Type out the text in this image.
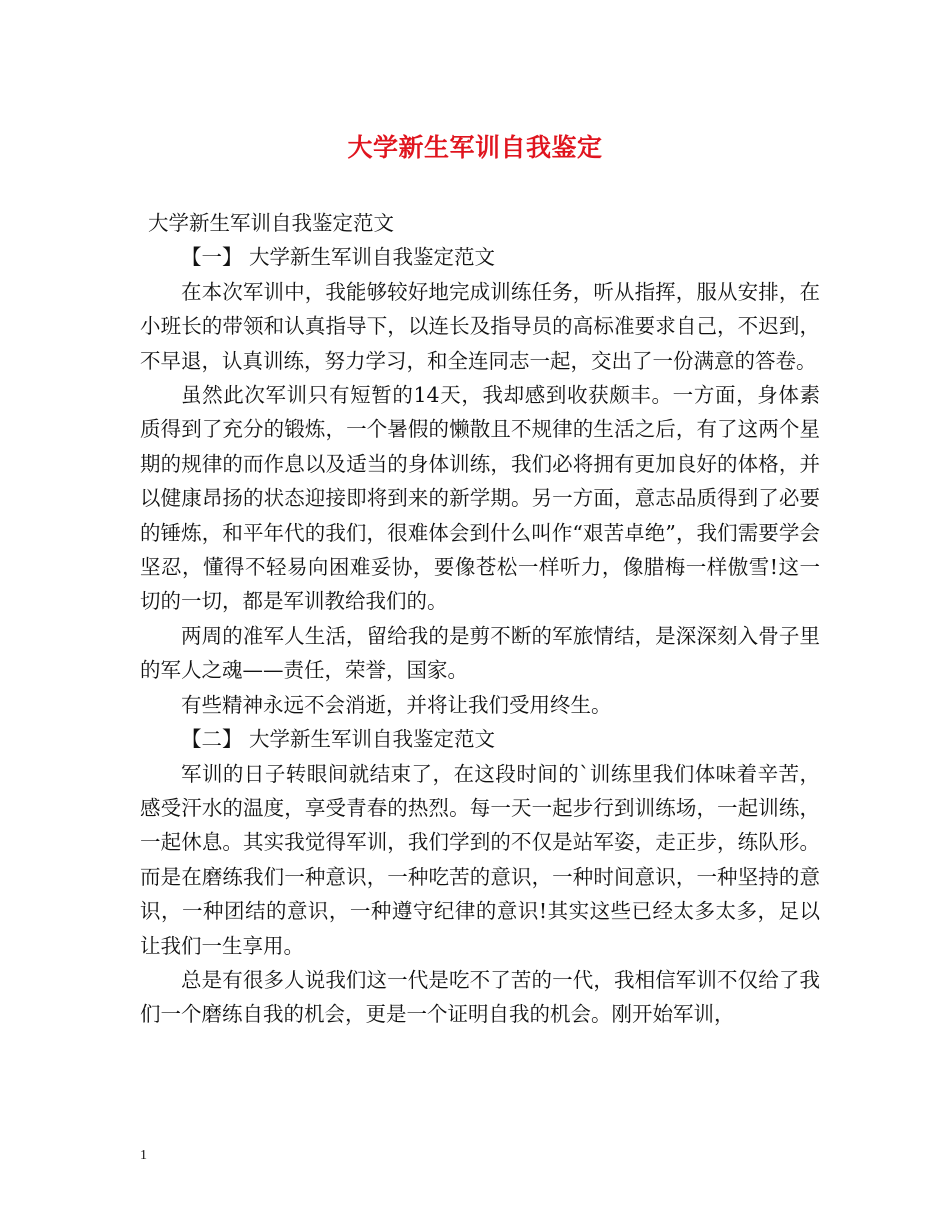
大学新生军训自我鉴定

大学新生军训自我鉴定范文

【一】 大学新生军训自我鉴定范文

在本次军训中，我能够较好地完成训练任务，听从指挥，服从安排，在小班长的带领和认真指导下，以连长及指导员的高标准要求自己，不迟到，不早退，认真训练，努力学习，和全连同志一起，交出了一份满意的答卷。

虽然此次军训只有短暂的14天，我却感到收获颇丰。一方面，身体素质得到了充分的锻炼，一个暑假的懒散且不规律的生活之后，有了这两个星期的规律的而作息以及适当的身体训练，我们必将拥有更加良好的体格，并以健康昂扬的状态迎接即将到来的新学期。另一方面，意志品质得到了必要的锤炼，和平年代的我们，很难体会到什么叫作“艰苦卓绝”，我们需要学会坚忍，懂得不轻易向困难妥协，要像苍松一样听力，像腊梅一样傲雪!这一切的一切，都是军训教给我们的。

两周的准军人生活，留给我的是剪不断的军旅情结，是深深刻入骨子里的军人之魂——责任，荣誉，国家。

有些精神永远不会消逝，并将让我们受用终生。

【二】 大学新生军训自我鉴定范文

军训的日子转眼间就结束了，在这段时间的`训练里我们体味着辛苦，感受汗水的温度，享受青春的热烈。每一天一起步行到训练场，一起训练，一起休息。其实我觉得军训，我们学到的不仅是站军姿，走正步，练队形。而是在磨练我们一种意识，一种吃苦的意识，一种时间意识，一种坚持的意识，一种团结的意识，一种遵守纪律的意识!其实这些已经太多太多，足以让我们一生享用。

总是有很多人说我们这一代是吃不了苦的一代，我相信军训不仅给了我们一个磨练自我的机会，更是一个证明自我的机会。刚开始军训，

1
